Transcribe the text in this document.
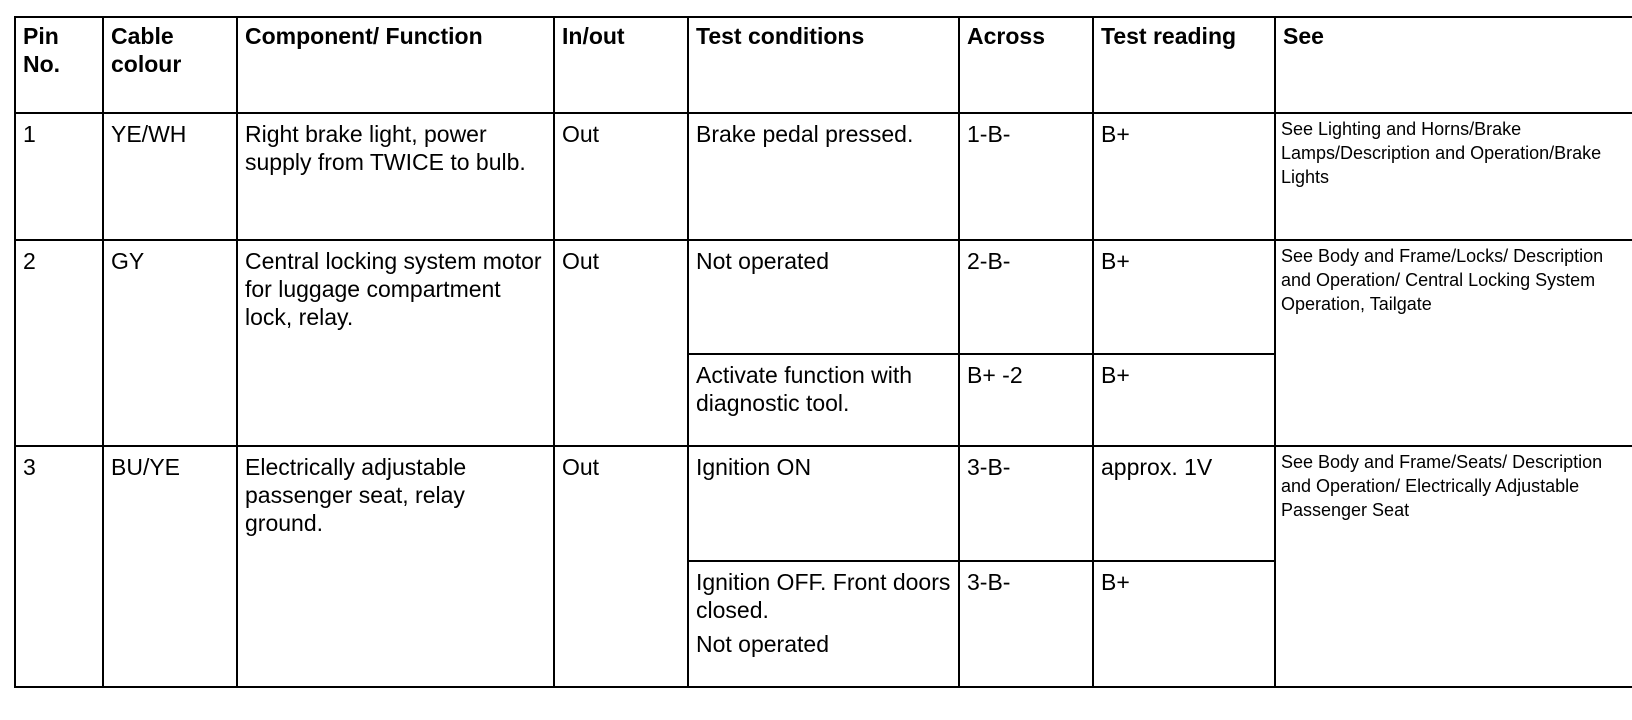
Pin No.	Cable colour	Component/ Function	In/out	Test conditions	Across	Test reading	See
1	YE/WH	Right brake light, power supply from TWICE to bulb.	Out	Brake pedal pressed.	1-B-	B+	See Lighting and Horns/Brake Lamps/Description and Operation/Brake Lights
2	GY	Central locking system motor for luggage compartment lock, relay.	Out	Not operated	2-B-	B+	See Body and Frame/Locks/ Description and Operation/ Central Locking System Operation, Tailgate

				Activate function with diagnostic tool.	B+ -2	B+	
3	BU/YE	Electrically adjustable passenger seat, relay ground.	Out	Ignition ON	3-B-	approx. 1V	See Body and Frame/Seats/ Description and Operation/ Electrically Adjustable Passenger Seat

				Ignition OFF. Front doors closed.
Not operated	3-B-	B+	
